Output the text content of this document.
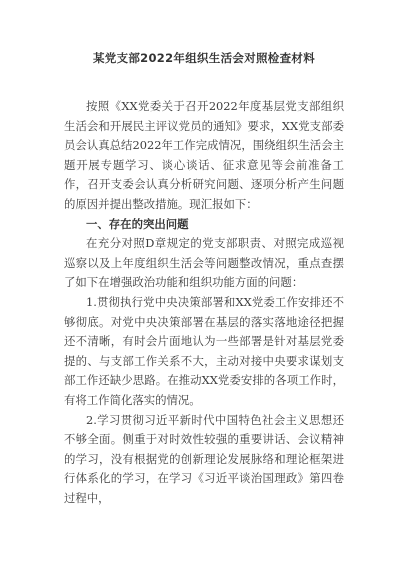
某党支部2022年组织生活会对照检查材料

按照《XX党委关于召开2022年度基层党支部组织生活会和开展民主评议党员的通知》要求，XX党支部委员会认真总结2022年工作完成情况，围绕组织生活会主题开展专题学习、谈心谈话、征求意见等会前准备工作，召开支委会认真分析研究问题、逐项分析产生问题的原因并提出整改措施。现汇报如下：

一、存在的突出问题

在充分对照D章规定的党支部职责、对照完成巡视巡察以及上年度组织生活会等问题整改情况，重点查摆了如下在增强政治功能和组织功能方面的问题：

1.贯彻执行党中央决策部署和XX党委工作安排还不够彻底。对党中央决策部署在基层的落实落地途径把握还不清晰，有时会片面地认为一些部署是针对基层党委提的、与支部工作关系不大，主动对接中央要求谋划支部工作还缺少思路。在推动XX党委安排的各项工作时，有将工作简化落实的情况。

2.学习贯彻习近平新时代中国特色社会主义思想还不够全面。侧重于对时效性较强的重要讲话、会议精神的学习，没有根据党的创新理论发展脉络和理论框架进行体系化的学习，在学习《习近平谈治国理政》第四卷过程中，
